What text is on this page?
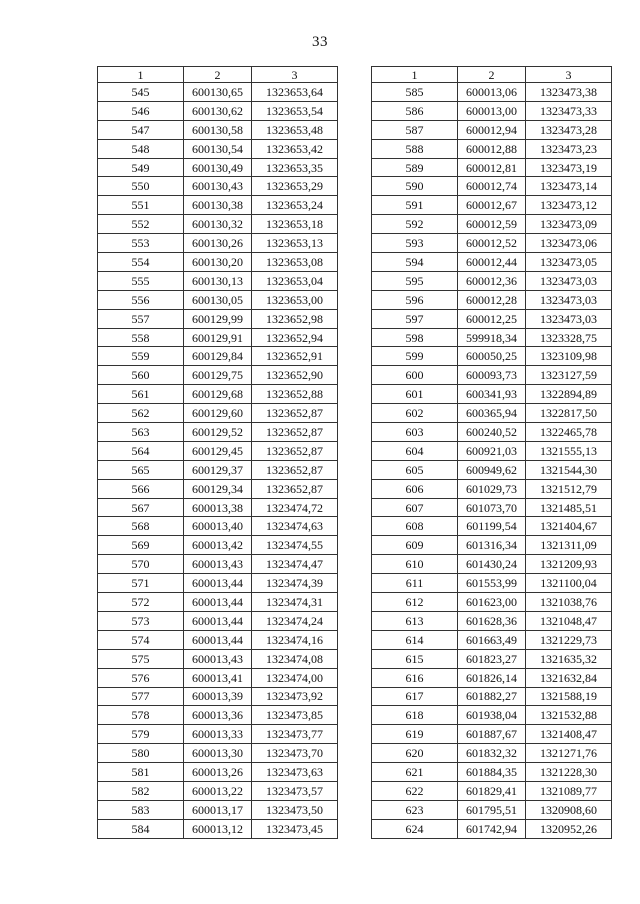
33
1	2	3
545	600130,65	1323653,64
546	600130,62	1323653,54
547	600130,58	1323653,48
548	600130,54	1323653,42
549	600130,49	1323653,35
550	600130,43	1323653,29
551	600130,38	1323653,24
552	600130,32	1323653,18
553	600130,26	1323653,13
554	600130,20	1323653,08
555	600130,13	1323653,04
556	600130,05	1323653,00
557	600129,99	1323652,98
558	600129,91	1323652,94
559	600129,84	1323652,91
560	600129,75	1323652,90
561	600129,68	1323652,88
562	600129,60	1323652,87
563	600129,52	1323652,87
564	600129,45	1323652,87
565	600129,37	1323652,87
566	600129,34	1323652,87
567	600013,38	1323474,72
568	600013,40	1323474,63
569	600013,42	1323474,55
570	600013,43	1323474,47
571	600013,44	1323474,39
572	600013,44	1323474,31
573	600013,44	1323474,24
574	600013,44	1323474,16
575	600013,43	1323474,08
576	600013,41	1323474,00
577	600013,39	1323473,92
578	600013,36	1323473,85
579	600013,33	1323473,77
580	600013,30	1323473,70
581	600013,26	1323473,63
582	600013,22	1323473,57
583	600013,17	1323473,50
584	600013,12	1323473,45
1	2	3
585	600013,06	1323473,38
586	600013,00	1323473,33
587	600012,94	1323473,28
588	600012,88	1323473,23
589	600012,81	1323473,19
590	600012,74	1323473,14
591	600012,67	1323473,12
592	600012,59	1323473,09
593	600012,52	1323473,06
594	600012,44	1323473,05
595	600012,36	1323473,03
596	600012,28	1323473,03
597	600012,25	1323473,03
598	599918,34	1323328,75
599	600050,25	1323109,98
600	600093,73	1323127,59
601	600341,93	1322894,89
602	600365,94	1322817,50
603	600240,52	1322465,78
604	600921,03	1321555,13
605	600949,62	1321544,30
606	601029,73	1321512,79
607	601073,70	1321485,51
608	601199,54	1321404,67
609	601316,34	1321311,09
610	601430,24	1321209,93
611	601553,99	1321100,04
612	601623,00	1321038,76
613	601628,36	1321048,47
614	601663,49	1321229,73
615	601823,27	1321635,32
616	601826,14	1321632,84
617	601882,27	1321588,19
618	601938,04	1321532,88
619	601887,67	1321408,47
620	601832,32	1321271,76
621	601884,35	1321228,30
622	601829,41	1321089,77
623	601795,51	1320908,60
624	601742,94	1320952,26
